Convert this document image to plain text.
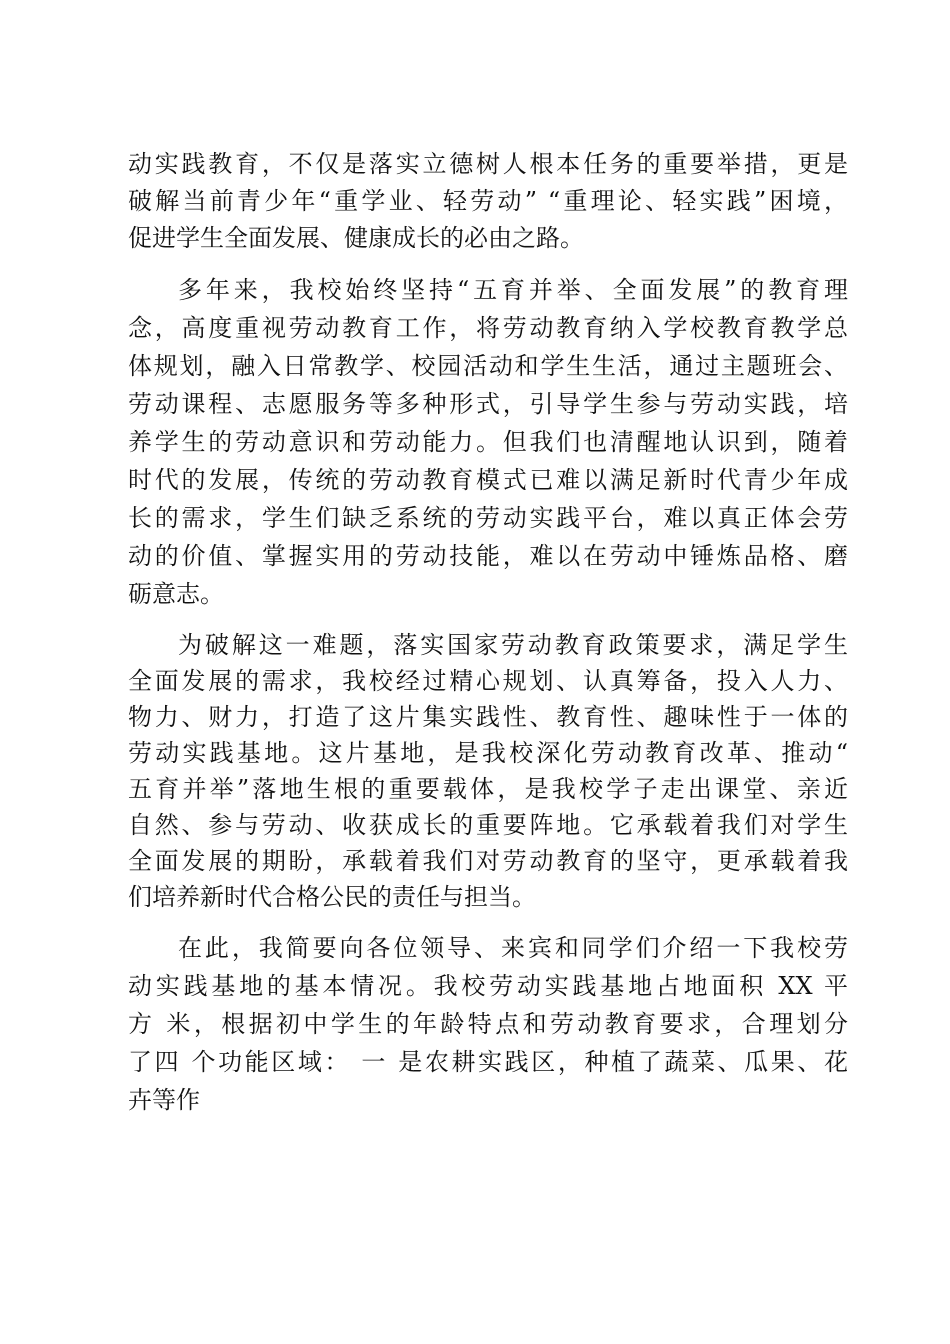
动实践教育，不仅是落实立德树人根本任务的重要举措，更是
破解当前青少年“重学业、轻劳动” “重理论、轻实践”困境，
促进学生全面发展、健康成长的必由之路。
多年来，我校始终坚持“五育并举、全面发展”的教育理
念，高度重视劳动教育工作，将劳动教育纳入学校教育教学总
体规划，融入日常教学、校园活动和学生生活，通过主题班会、
劳动课程、志愿服务等多种形式，引导学生参与劳动实践，培
养学生的劳动意识和劳动能力。但我们也清醒地认识到，随着
时代的发展，传统的劳动教育模式已难以满足新时代青少年成
长的需求，学生们缺乏系统的劳动实践平台，难以真正体会劳
动的价值、掌握实用的劳动技能，难以在劳动中锤炼品格、磨
砺意志。
为破解这一难题，落实国家劳动教育政策要求，满足学生
全面发展的需求，我校经过精心规划、认真筹备，投入人力、
物力、财力，打造了这片集实践性、教育性、趣味性于一体的
劳动实践基地。这片基地，是我校深化劳动教育改革、推动“
五育并举”落地生根的重要载体，是我校学子走出课堂、亲近
自然、参与劳动、收获成长的重要阵地。它承载着我们对学生
全面发展的期盼，承载着我们对劳动教育的坚守，更承载着我
们培养新时代合格公民的责任与担当。
在此，我简要向各位领导、来宾和同学们介绍一下我校劳
动实践基地的基本情况。我校劳动实践基地占地面积 XX 平
方 米，根据初中学生的年龄特点和劳动教育要求，合理划分
了四 个功能区域： 一 是农耕实践区，种植了蔬菜、瓜果、花
卉等作
